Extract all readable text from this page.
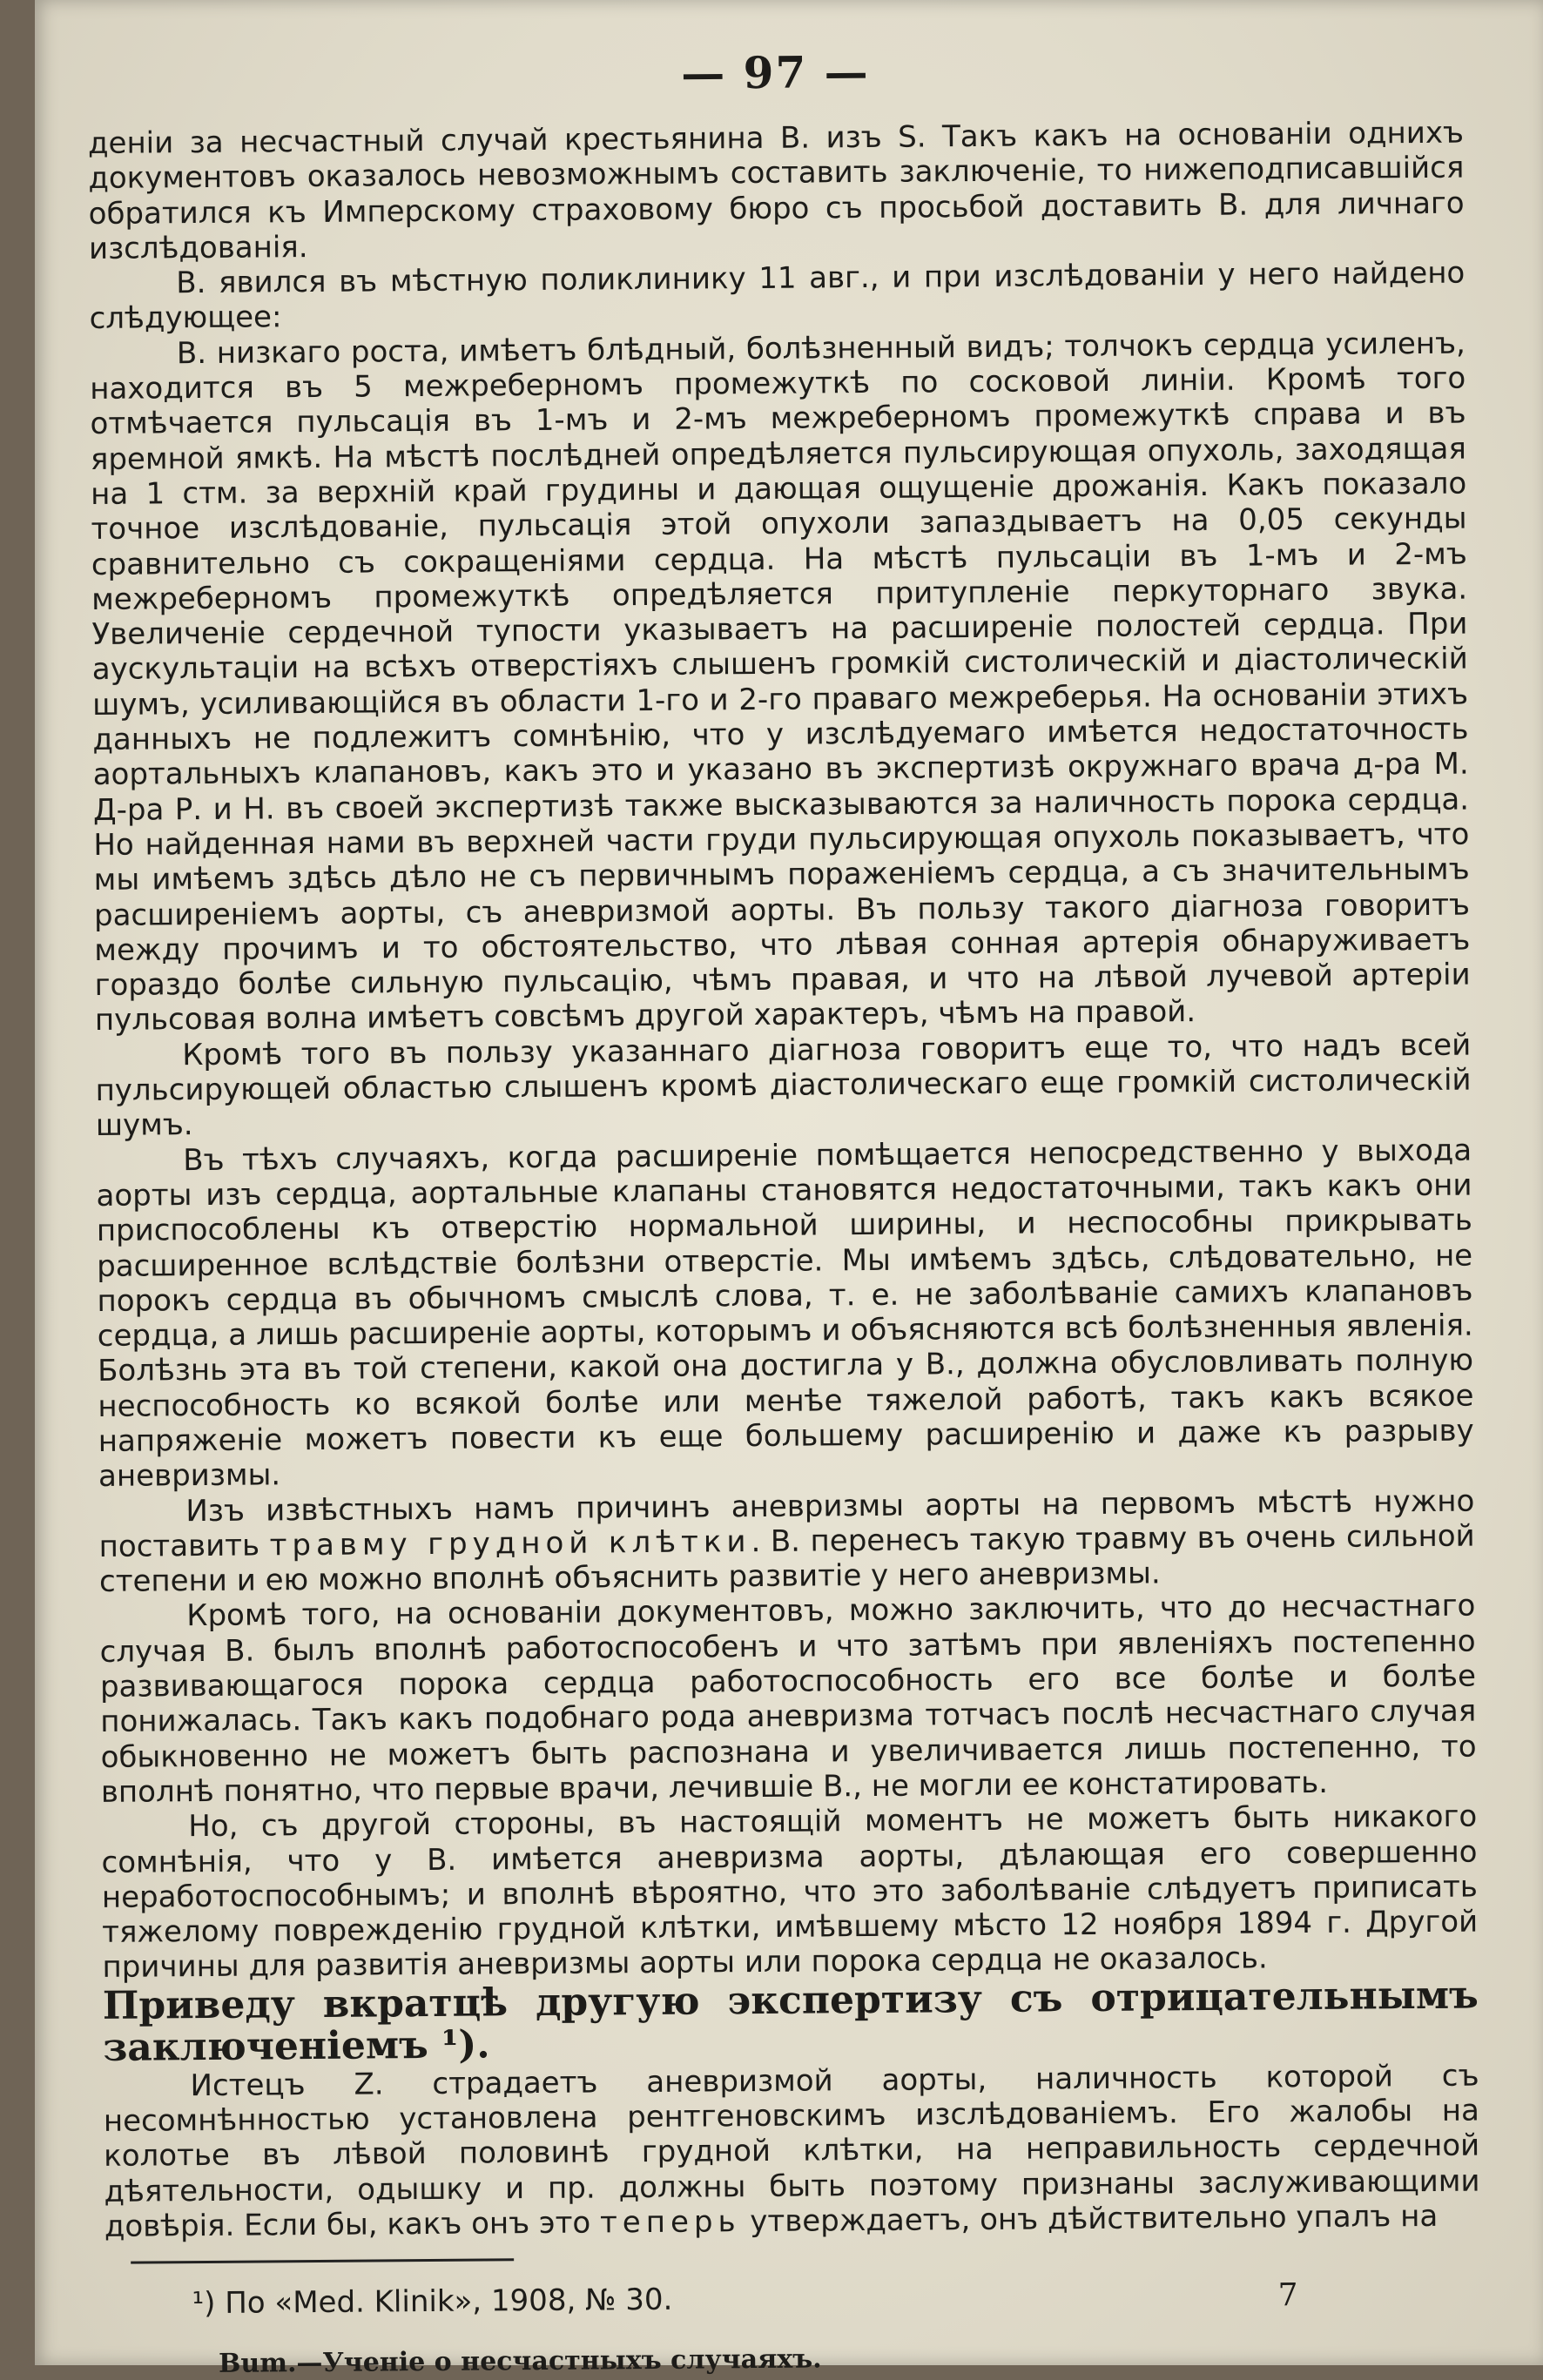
— 97 —

деніи за несчастный случай крестьянина В. изъ S. Такъ какъ на основаніи однихъ документовъ оказалось невозможнымъ составить заключеніе, то нижеподписавшійся обратился къ Имперскому страховому бюро съ просьбой доставить В. для личнаго изслѣдованія.

В. явился въ мѣстную поликлинику 11 авг., и при изслѣдованіи у него найдено слѣдующее:

В. низкаго роста, имѣетъ блѣдный, болѣзненный видъ; толчокъ сердца усиленъ, находится въ 5 межреберномъ промежуткѣ по сосковой линіи. Кромѣ того отмѣчается пульсація въ 1-мъ и 2-мъ межреберномъ промежуткѣ справа и въ яремной ямкѣ. На мѣстѣ послѣдней опредѣляется пульсирующая опухоль, заходящая на 1 стм. за верхній край грудины и дающая ощущеніе дрожанія. Какъ показало точное изслѣдованіе, пульсація этой опухоли запаздываетъ на 0,05 секунды сравнительно съ сокращеніями сердца. На мѣстѣ пульсаціи въ 1-мъ и 2-мъ межреберномъ промежуткѣ опредѣляется притупленіе перкуторнаго звука. Увеличеніе сердечной тупости указываетъ на расширеніе полостей сердца. При аускультаціи на всѣхъ отверстіяхъ слышенъ громкій систолическій и діастолическій шумъ, усиливающійся въ области 1-го и 2-го праваго межреберья. На основаніи этихъ данныхъ не подлежитъ сомнѣнію, что у изслѣдуемаго имѣется недостаточность аортальныхъ клапановъ, какъ это и указано въ экспертизѣ окружнаго врача д-ра М. Д-ра Р. и Н. въ своей экспертизѣ также высказываются за наличность порока сердца. Но найденная нами въ верхней части груди пульсирующая опухоль показываетъ, что мы имѣемъ здѣсь дѣло не съ первичнымъ пораженіемъ сердца, а съ значительнымъ расширеніемъ аорты, съ аневризмой аорты. Въ пользу такого діагноза говоритъ между прочимъ и то обстоятельство, что лѣвая сонная артерія обнаруживаетъ гораздо болѣе сильную пульсацію, чѣмъ правая, и что на лѣвой лучевой артеріи пульсовая волна имѣетъ совсѣмъ другой характеръ, чѣмъ на правой.

Кромѣ того въ пользу указаннаго діагноза говоритъ еще то, что надъ всей пульсирующей областью слышенъ кромѣ діастолическаго еще громкій систолическій шумъ.

Въ тѣхъ случаяхъ, когда расширеніе помѣщается непосредственно у выхода аорты изъ сердца, аортальные клапаны становятся недостаточными, такъ какъ они приспособлены къ отверстію нормальной ширины, и неспособны прикрывать расширенное вслѣдствіе болѣзни отверстіе. Мы имѣемъ здѣсь, слѣдовательно, не порокъ сердца въ обычномъ смыслѣ слова, т. е. не заболѣваніе самихъ клапановъ сердца, а лишь расширеніе аорты, которымъ и объясняются всѣ болѣзненныя явленія. Болѣзнь эта въ той степени, какой она достигла у В., должна обусловливать полную неспособность ко всякой болѣе или менѣе тяжелой работѣ, такъ какъ всякое напряженіе можетъ повести къ еще большему расширенію и даже къ разрыву аневризмы.

Изъ извѣстныхъ намъ причинъ аневризмы аорты на первомъ мѣстѣ нужно поставить травму грудной клѣтки. В. перенесъ такую травму въ очень сильной степени и ею можно вполнѣ объяснить развитіе у него аневризмы.

Кромѣ того, на основаніи документовъ, можно заключить, что до несчастнаго случая В. былъ вполнѣ работоспособенъ и что затѣмъ при явленіяхъ постепенно развивающагося порока сердца работоспособность его все болѣе и болѣе понижалась. Такъ какъ подобнаго рода аневризма тотчасъ послѣ несчастнаго случая обыкновенно не можетъ быть распознана и увеличивается лишь постепенно, то вполнѣ понятно, что первые врачи, лечившіе В., не могли ее констатировать.

Но, съ другой стороны, въ настоящій моментъ не можетъ быть никакого сомнѣнія, что у В. имѣется аневризма аорты, дѣлающая его совершенно неработоспособнымъ; и вполнѣ вѣроятно, что это заболѣваніе слѣдуетъ приписать тяжелому поврежденію грудной клѣтки, имѣвшему мѣсто 12 ноября 1894 г. Другой причины для развитія аневризмы аорты или порока сердца не оказалось.

Приведу вкратцѣ другую экспертизу съ отрицательнымъ заключеніемъ ¹).

Истецъ Z. страдаетъ аневризмой аорты, наличность которой съ несомнѣнностью установлена рентгеновскимъ изслѣдованіемъ. Его жалобы на колотье въ лѣвой половинѣ грудной клѣтки, на неправильность сердечной дѣятельности, одышку и пр. должны быть поэтому признаны заслуживающими довѣрія. Если бы, какъ онъ это теперь утверждаетъ, онъ дѣйствительно упалъ на

¹) По «Med. Klinik», 1908, № 30.	7
Вum.—Ученіе о несчастныхъ случаяхъ.
